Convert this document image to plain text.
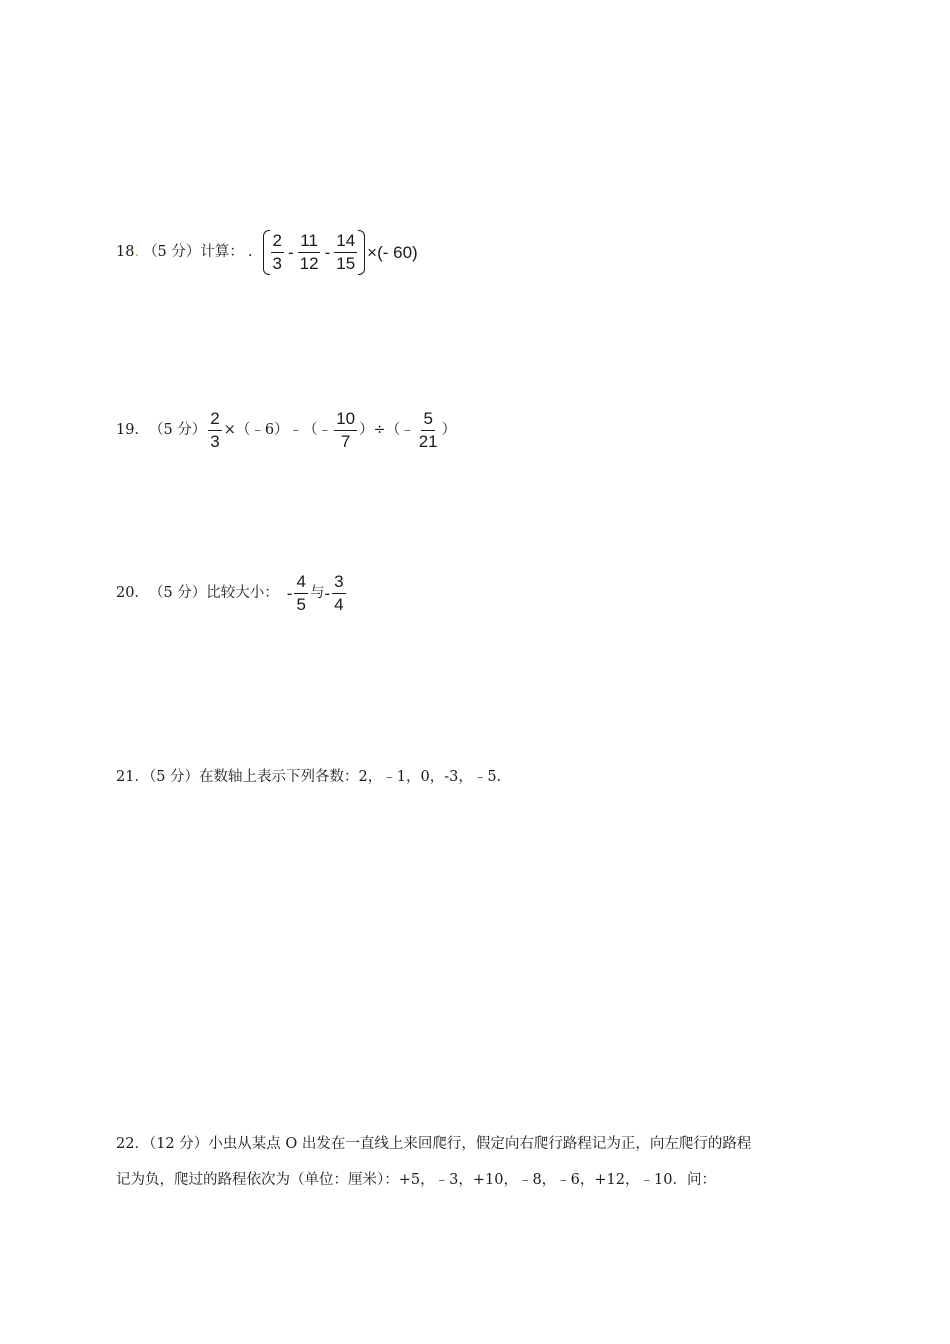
18 . （5 分） 计算： . $\frac{2}{3} - \frac{11}{12} - \frac{14}{15}$ ×(- 60)
19． （5 分） $\frac{2}{3}$ ×（﹣6）﹣（﹣ $\frac{10}{7}$ ）÷（﹣ $\frac{5}{21}$ ）
20． （5 分） 比较大小： - $\frac{4}{5}$ 与 - $\frac{3}{4}$
21．（5 分）在数轴上表示下列各数：2，﹣1，0，-3，﹣5.
22．（12 分）小虫从某点 O 出发在一直线上来回爬行，假定向右爬行路程记为正，向左爬行的路程
记为负，爬过的路程依次为（单位：厘米）：+5，﹣3，+10，﹣8，﹣6，+12，﹣10．问：
